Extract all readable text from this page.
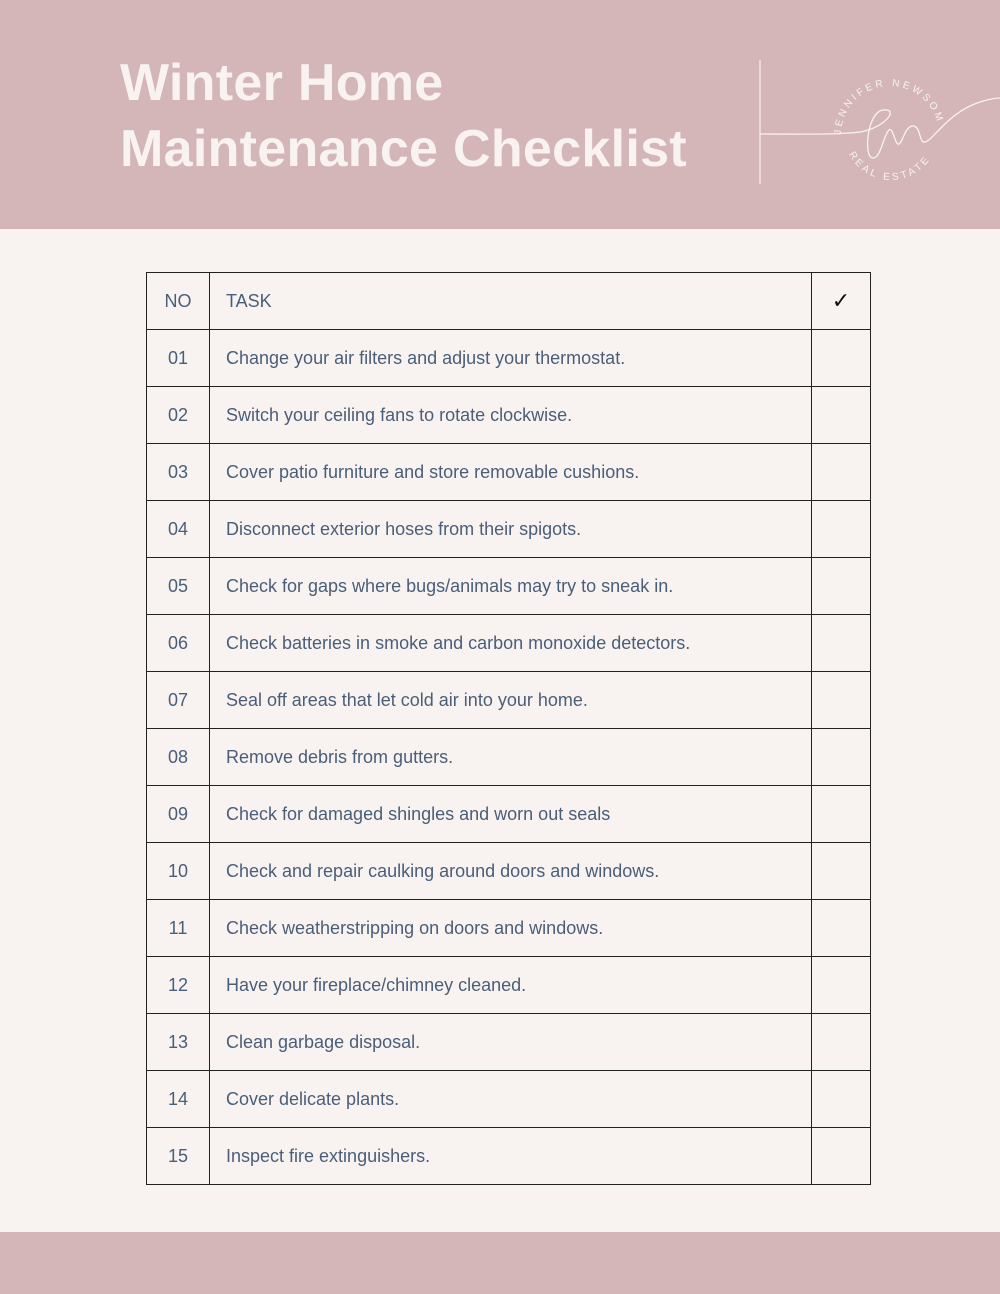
Winter Home
Maintenance Checklist	JENNIFER NEWSOM
REAL ESTATE
NO	TASK	✓
01	Change your air filters and adjust your thermostat.	
02	Switch your ceiling fans to rotate clockwise.	
03	Cover patio furniture and store removable cushions.	
04	Disconnect exterior hoses from their spigots.	
05	Check for gaps where bugs/animals may try to sneak in.	
06	Check batteries in smoke and carbon monoxide detectors.	
07	Seal off areas that let cold air into your home.	
08	Remove debris from gutters.	
09	Check for damaged shingles and worn out seals	
10	Check and repair caulking around doors and windows.	
11	Check weatherstripping on doors and windows.	
12	Have your fireplace/chimney cleaned.	
13	Clean garbage disposal.	
14	Cover delicate plants.	
15	Inspect fire extinguishers.	
